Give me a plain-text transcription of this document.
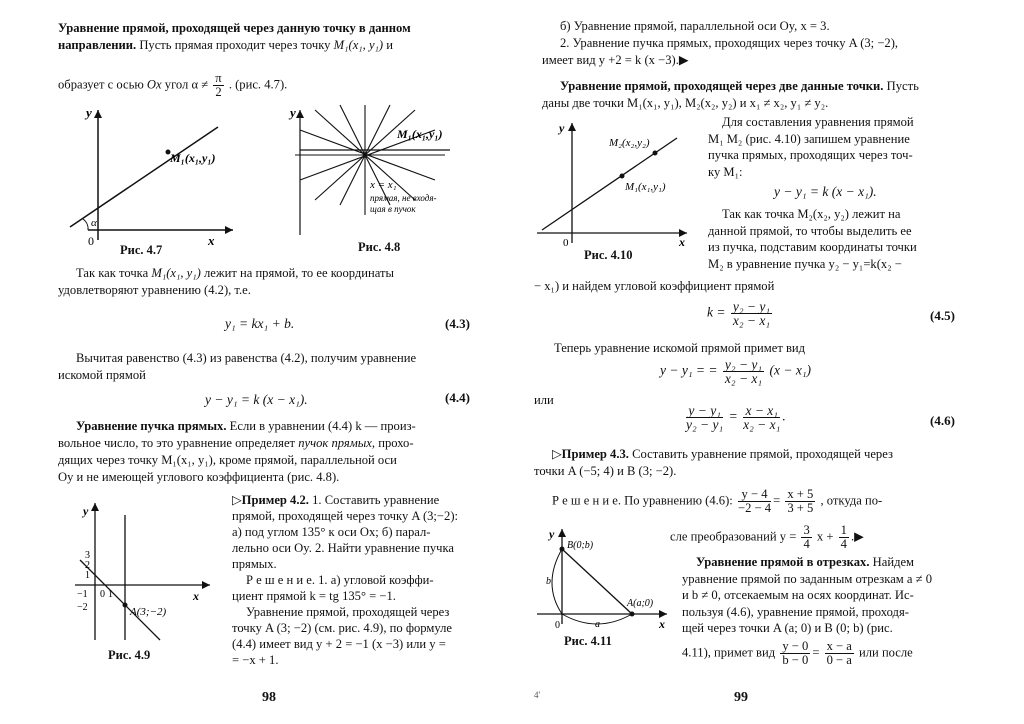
Уравнение прямой, проходящей через данную точку в данном направлении. Пусть прямая проходит через точку M₁(x₁, y₁) и
образует с осью Ox угол $\alpha \ne \frac{\pi}{2}$ . (рис. 4.7).
y
x
0
α
M₁(x₁,y₁)
Рис. 4.7
y
M₁(x₁,y₁)
x = x₁
прямая, не входя-
щая в пучок
Рис. 4.8
Так как точка M₁(x₁, y₁) лежит на прямой, то ее координаты
удовлетворяют уравнению (4.2), т.е.
y₁ = kx₁ + b.	(4.3)
Вычитая равенство (4.3) из равенства (4.2), получим уравнение
искомой прямой
y − y₁ = k (x − x₁).	(4.4)
Уравнение пучка прямых. Если в уравнении (4.4) k — произ-
вольное число, то это уравнение определяет пучок прямых, прохо-
дящих через точку M₁(x₁, y₁), кроме прямой, параллельной оси
Oy и не имеющей углового коэффициента (рис. 4.8).
y
x
3
2
1
−1
−2
0 1
A(3;−2)
Рис. 4.9
▷Пример 4.2. 1. Составить уравнение
прямой, проходящей через точку A (3;−2):
а) под углом 135° к оси Ox; б) парал-
лельно оси Oy. 2. Найти уравнение пучка
прямых.
Р е ш е н и е. 1. а) угловой коэффи-
циент прямой k = tg 135° = −1.
Уравнение прямой, проходящей через
точку A (3; −2) (см. рис. 4.9), по формуле
(4.4) имеет вид y + 2 = −1 (x −3) или y =
= −x + 1.
98
б) Уравнение прямой, параллельной оси Oy, x = 3.
2. Уравнение пучка прямых, проходящих через точку A (3; −2),
имеет вид y +2 = k (x −3).▶
Уравнение прямой, проходящей через две данные точки. Пусть
даны две точки M₁(x₁, y₁), M₂(x₂, y₂) и x₁ ≠ x₂, y₁ ≠ y₂.
y
x
0
M₂(x₂,y₂)
M₁(x₁,y₁)
Рис. 4.10
Для составления уравнения прямой
M₁ M₂ (рис. 4.10) запишем уравнение
пучка прямых, проходящих через точ-
ку M₁:
y − y₁ = k (x − x₁).
Так как точка M₂(x₂, y₂) лежит на
данной прямой, то чтобы выделить ее
из пучка, подставим координаты точки
M₂ в уравнение пучка y₂ − y₁=k(x₂ −
− x₁) и найдем угловой коэффициент прямой
$k = \frac{\text{y₂ − y₁}}{\text{x₂ − x₁}}$	(4.5)
Теперь уравнение искомой прямой примет вид
y − y₁ = = $\frac{\text{y₂ − y₁}}{\text{x₂ − x₁}} (x - x_1)$
или
$\frac{\text{y − y₁}}{\text{y₂ − y₁}} = \frac{\text{x − x₁}}{\text{x₂ − x₁}}$ .	(4.6)
▷Пример 4.3. Составить уравнение прямой, проходящей через
точки A (−5; 4) и B (3; −2).
Р е ш е н и е. По уравнению (4.6): $\frac{y - 4}{-2 - 4} = \frac{x + 5}{3 + 5}$ , откуда по-
y
x
0
B(0;b)
A(a;0)
a
b
Рис. 4.11
сле преобразований $y = \frac{3}{4}$ $x + \frac{1}{4}$ .▶
Уравнение прямой в отрезках. Найдем
уравнение прямой по заданным отрезкам a ≠ 0
и b ≠ 0, отсекаемым на осях координат. Ис-
пользуя (4.6), уравнение прямой, проходя-
щей через точки A (a; 0) и B (0; b) (рис.
4.11), примет вид $\frac{y - 0}{b - 0} = \frac{x - a}{0 - a}$ или после
4'	99
